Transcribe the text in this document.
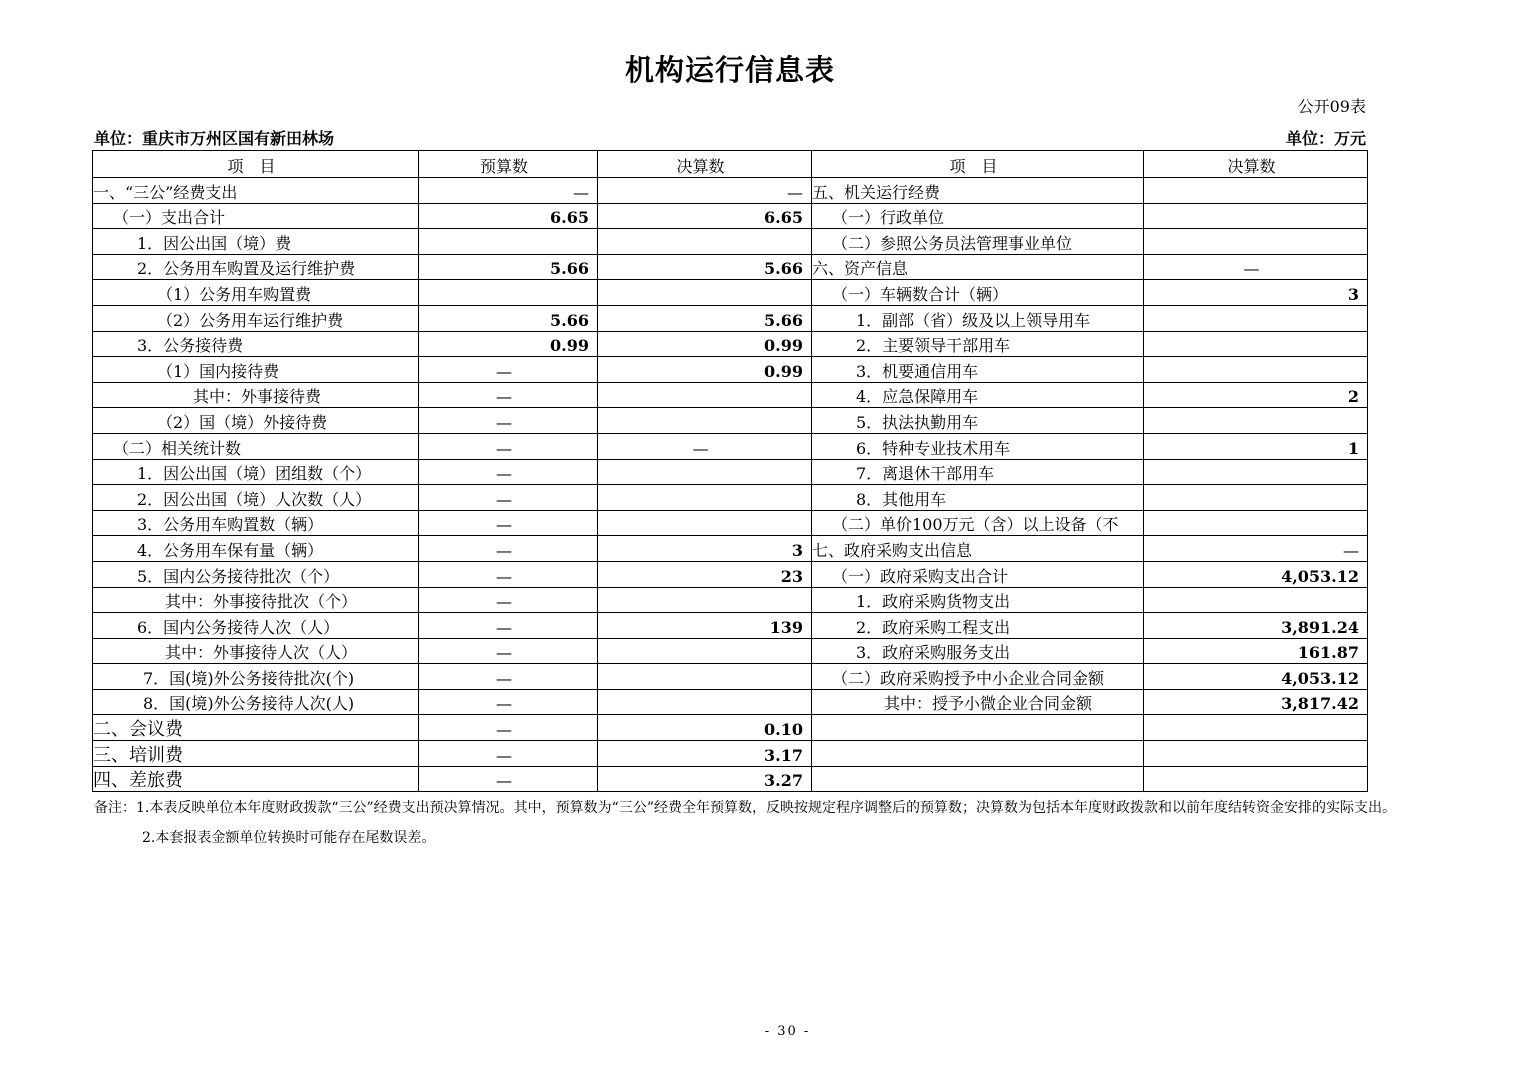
机构运行信息表
公开09表
单位：重庆市万州区国有新田林场	单位：万元
项　目	预算数	决算数	项　目	决算数
一、“三公”经费支出	—	—	五、机关运行经费	
（一）支出合计	6.65	6.65	（一）行政单位	
1．因公出国（境）费			（二）参照公务员法管理事业单位	
2．公务用车购置及运行维护费	5.66	5.66	六、资产信息	—
（1）公务用车购置费			（一）车辆数合计（辆）	3
（2）公务用车运行维护费	5.66	5.66	1．副部（省）级及以上领导用车	
3．公务接待费	0.99	0.99	2．主要领导干部用车	
（1）国内接待费	—	0.99	3．机要通信用车	
其中：外事接待费	—		4．应急保障用车	2
（2）国（境）外接待费	—		5．执法执勤用车	
（二）相关统计数	—	—	6．特种专业技术用车	1
1．因公出国（境）团组数（个）	—		7．离退休干部用车	
2．因公出国（境）人次数（人）	—		8．其他用车	
3．公务用车购置数（辆）	—		（二）单价100万元（含）以上设备（不	
4．公务用车保有量（辆）	—	3	七、政府采购支出信息	—
5．国内公务接待批次（个）	—	23	（一）政府采购支出合计	4,053.12
其中：外事接待批次（个）	—		1．政府采购货物支出	
6．国内公务接待人次（人）	—	139	2．政府采购工程支出	3,891.24
其中：外事接待人次（人）	—		3．政府采购服务支出	161.87
7．国(境)外公务接待批次(个)	—		（二）政府采购授予中小企业合同金额	4,053.12
8．国(境)外公务接待人次(人)	—		其中：授予小微企业合同金额	3,817.42
二、会议费	—	0.10		
三、培训费	—	3.17		
四、差旅费	—	3.27		

备注：1.本表反映单位本年度财政拨款“三公”经费支出预决算情况。其中，预算数为“三公”经费全年预算数，反映按规定程序调整后的预算数；决算数为包括本年度财政拨款和以前年度结转资金安排的实际支出。

2.本套报表金额单位转换时可能存在尾数误差。

- 30 -
